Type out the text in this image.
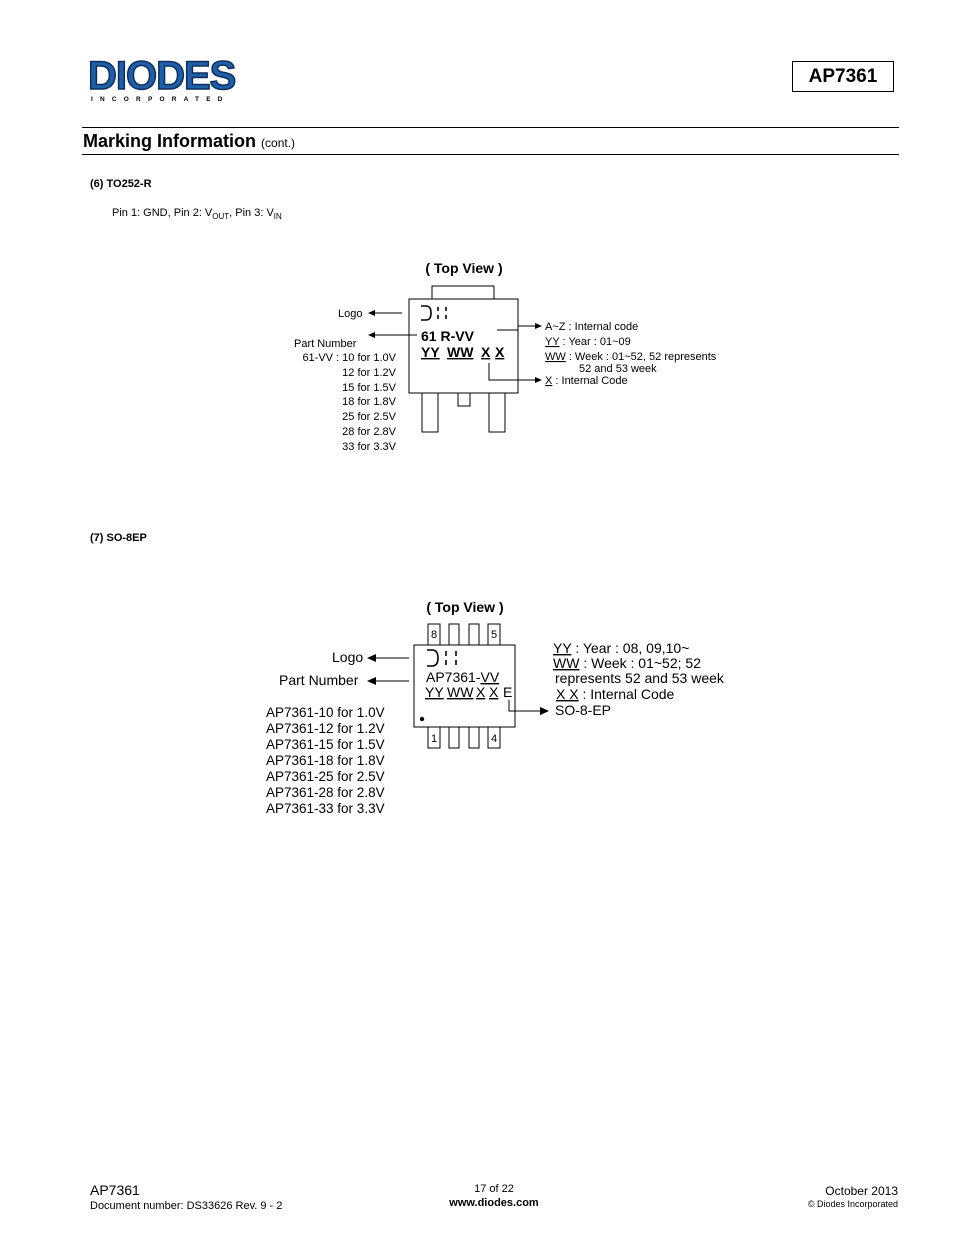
DIODES
INCORPORATED
AP7361
Marking Information (cont.)
(6) TO252-R
Pin 1: GND, Pin 2: $V_{OUT}$, Pin 3: $V_{IN}$
( Top View )
61 R-VV
YY WW X X
Logo
Part Number
61-VV : 10 for 1.0V
12 for 1.2V
15 for 1.5V
18 for 1.8V
25 for 2.5V
28 for 2.8V
33 for 3.3V
A~Z : Internal code
YY : Year : 01~09
WW : Week : 01~52, 52 represents
52 and 53 week
X : Internal Code
( Top View )
8	5
1	4
AP7361-VV
YY WW X X E
Logo
Part Number
AP7361-10 for 1.0V
AP7361-12 for 1.2V
AP7361-15 for 1.5V
AP7361-18 for 1.8V
AP7361-25 for 2.5V
AP7361-28 for 2.8V
AP7361-33 for 3.3V
YY : Year : 08, 09,10~
WW : Week : 01~52; 52
represents 52 and 53 week
X X : Internal Code
SO-8-EP
(7) SO-8EP
AP7361
Document number: DS33626 Rev. 9 - 2
17 of 22
www.diodes.com
October 2013
© Diodes Incorporated
